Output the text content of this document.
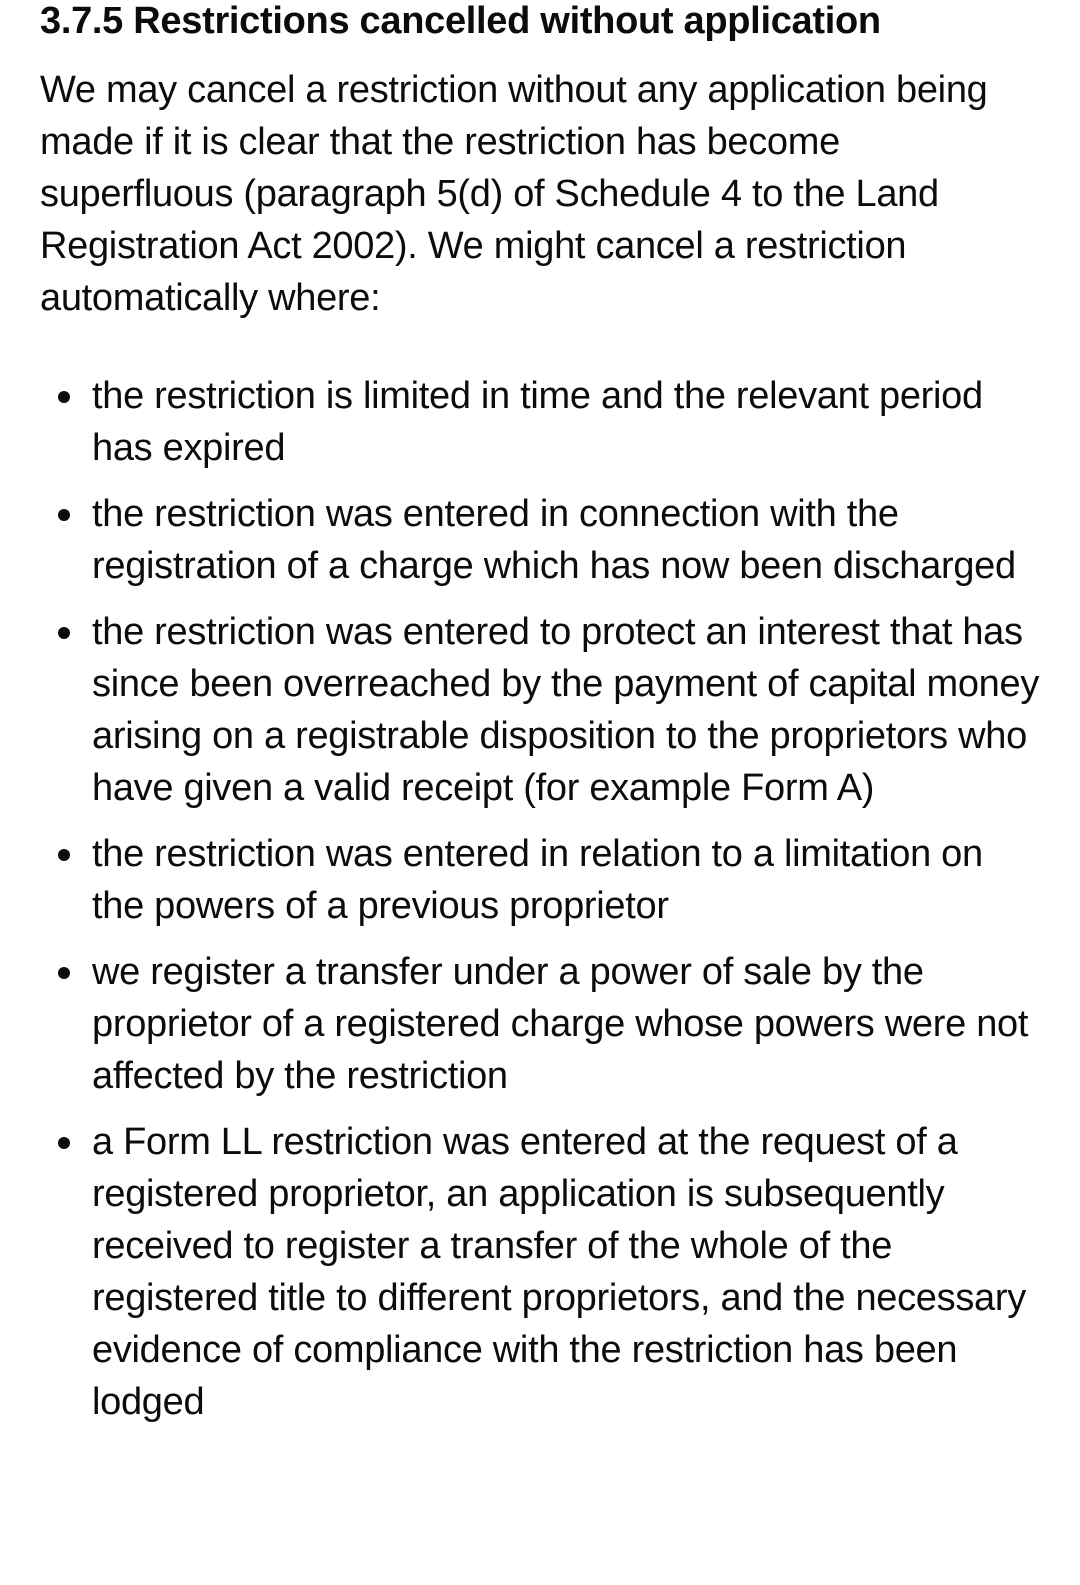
3.7.5 Restrictions cancelled without application

We may cancel a restriction without any application being made if it is clear that the restriction has become superfluous (paragraph 5(d) of Schedule 4 to the Land Registration Act 2002). We might cancel a restriction automatically where:

the restriction is limited in time and the relevant period has expired
the restriction was entered in connection with the registration of a charge which has now been discharged
the restriction was entered to protect an interest that has since been overreached by the payment of capital money arising on a registrable disposition to the proprietors who have given a valid receipt (for example Form A)
the restriction was entered in relation to a limitation on the powers of a previous proprietor
we register a transfer under a power of sale by the proprietor of a registered charge whose powers were not affected by the restriction
a Form LL restriction was entered at the request of a registered proprietor, an application is subsequently received to register a transfer of the whole of the registered title to different proprietors, and the necessary evidence of compliance with the restriction has been lodged
